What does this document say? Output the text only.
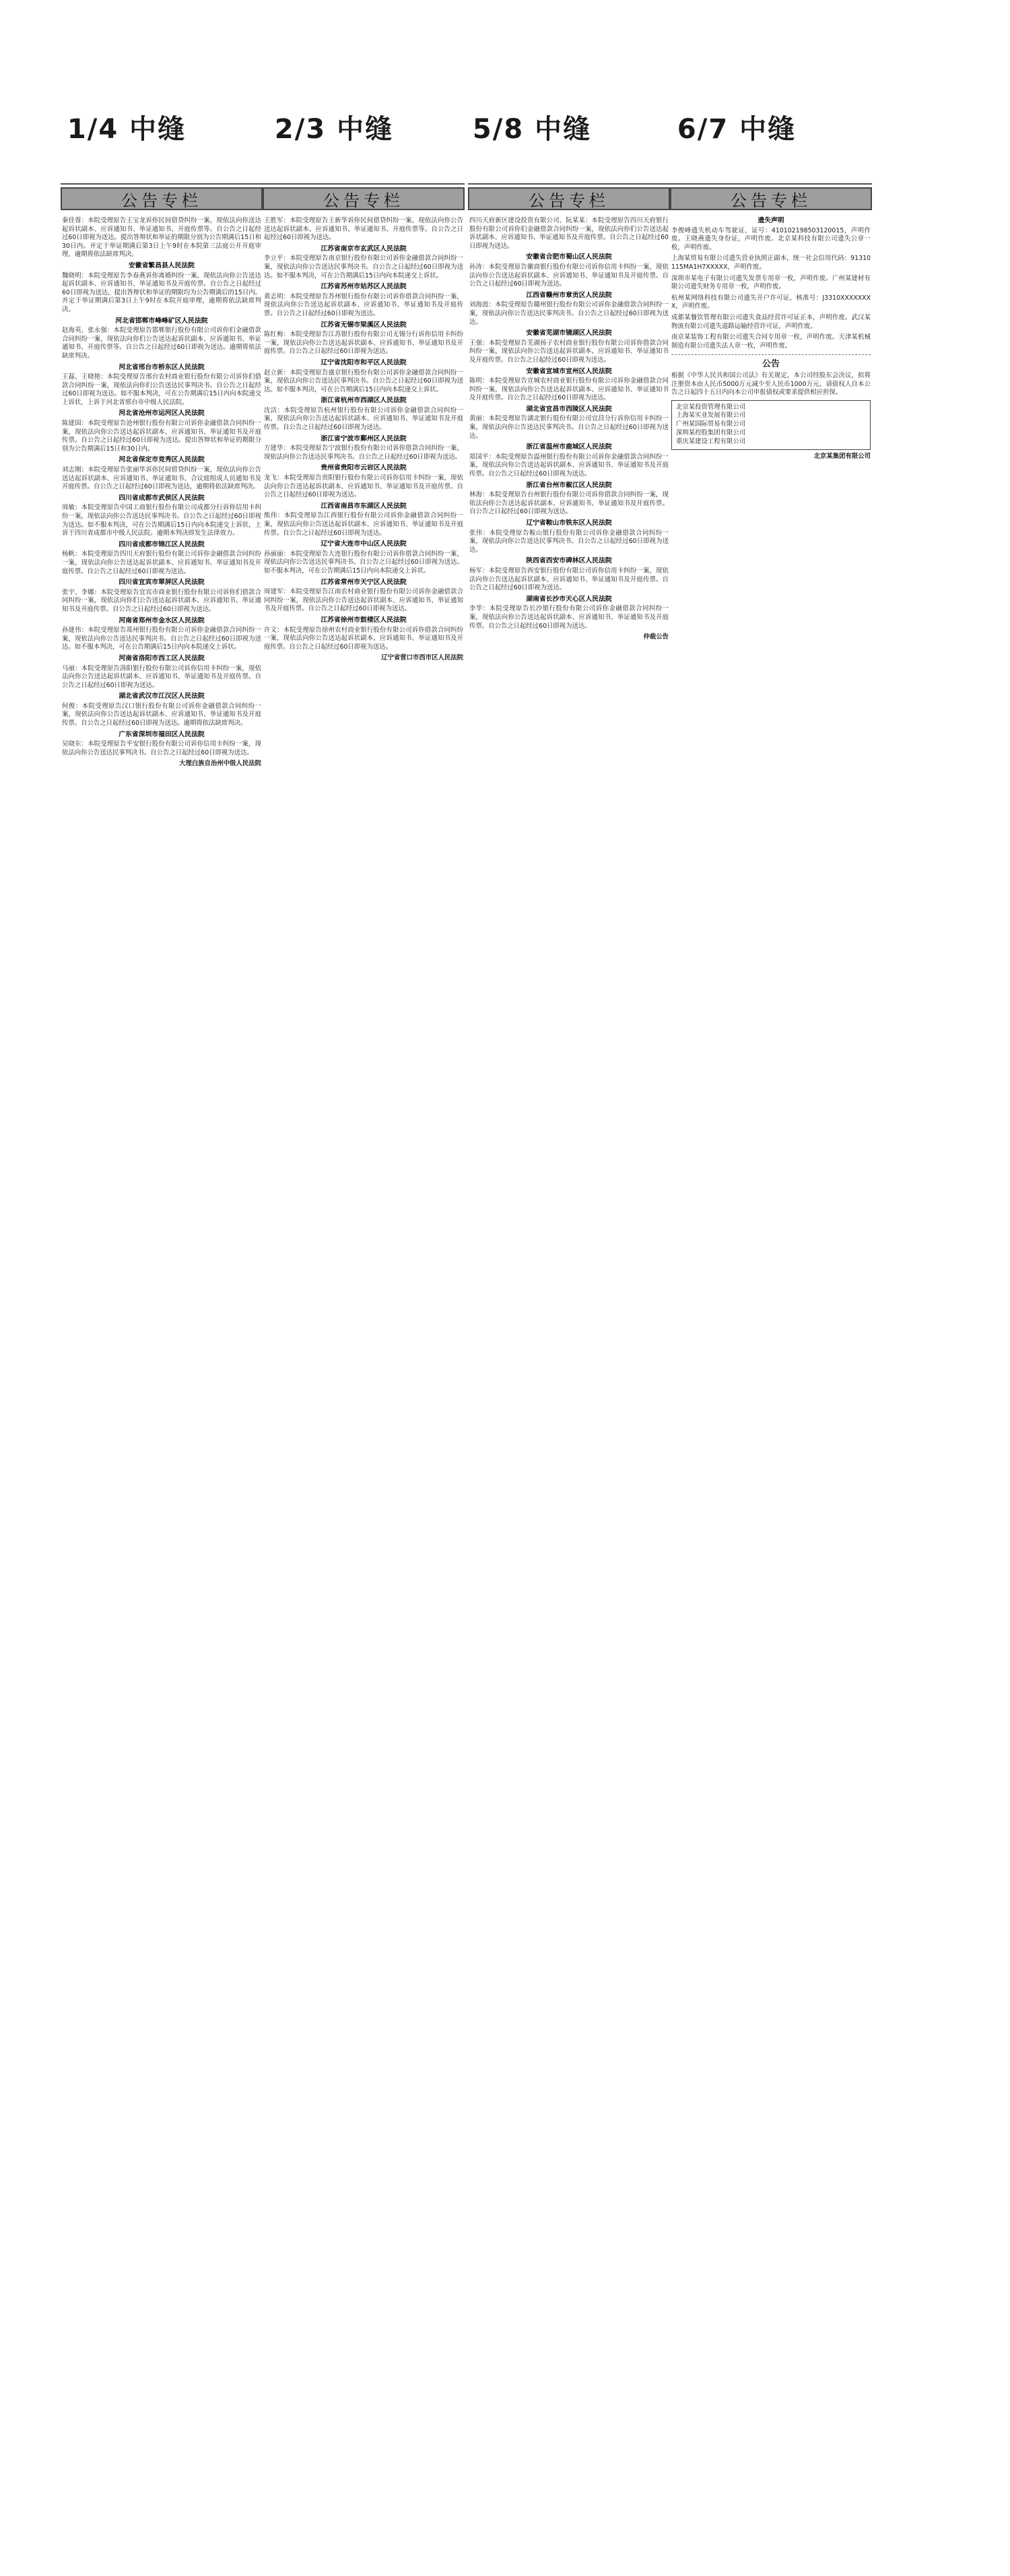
1/4 中缝	2/3 中缝	5/8 中缝	6/7 中缝
公告专栏
秦佳蓉：本院受理原告王宝龙诉你民间借贷纠纷一案，现依法向你送达起诉状副本、应诉通知书、举证通知书、开庭传票等。自公告之日起经过60日即视为送达。提出答辩状和举证的期限分别为公告期满后15日和30日内。并定于举证期满后第3日上午9时在本院第三法庭公开开庭审理，逾期将依法缺席判决。
安徽省繁昌县人民法院
魏晓明：本院受理原告李春燕诉你离婚纠纷一案，现依法向你公告送达起诉状副本、应诉通知书、举证通知书及开庭传票。自公告之日起经过60日即视为送达，提出答辩状和举证的期限均为公告期满后的15日内。并定于举证期满后第3日上午9时在本院开庭审理，逾期将依法缺席判决。
河北省邯郸市峰峰矿区人民法院
赵海英、张永强：本院受理原告邯郸银行股份有限公司诉你们金融借款合同纠纷一案，现依法向你们公告送达起诉状副本、应诉通知书、举证通知书、开庭传票等。自公告之日起经过60日即视为送达。逾期将依法缺席判决。
河北省邢台市桥东区人民法院
王磊、王晓艳：本院受理原告邢台农村商业银行股份有限公司诉你们借款合同纠纷一案，现依法向你们公告送达民事判决书。自公告之日起经过60日即视为送达。如不服本判决，可在公告期满后15日内向本院递交上诉状，上诉于河北省邢台市中级人民法院。
河北省沧州市运河区人民法院
陈建国：本院受理原告沧州银行股份有限公司诉你金融借款合同纠纷一案，现依法向你公告送达起诉状副本、应诉通知书、举证通知书及开庭传票。自公告之日起经过60日即视为送达。提出答辩状和举证的期限分别为公告期满后15日和30日内。
河北省保定市竞秀区人民法院
刘志刚：本院受理原告张丽华诉你民间借贷纠纷一案，现依法向你公告送达起诉状副本、应诉通知书、举证通知书、合议庭组成人员通知书及开庭传票。自公告之日起经过60日即视为送达，逾期将依法缺席判决。
四川省成都市武侯区人民法院
周敏：本院受理原告中国工商银行股份有限公司成都分行诉你信用卡纠纷一案，现依法向你公告送达民事判决书。自公告之日起经过60日即视为送达。如不服本判决，可在公告期满后15日内向本院递交上诉状，上诉于四川省成都市中级人民法院。逾期本判决即发生法律效力。
四川省成都市锦江区人民法院
杨帆：本院受理原告四川天府银行股份有限公司诉你金融借款合同纠纷一案，现依法向你公告送达起诉状副本、应诉通知书、举证通知书及开庭传票。自公告之日起经过60日即视为送达。
四川省宜宾市翠屏区人民法院
张宇、李娜：本院受理原告宜宾市商业银行股份有限公司诉你们借款合同纠纷一案，现依法向你们公告送达起诉状副本、应诉通知书、举证通知书及开庭传票。自公告之日起经过60日即视为送达。
河南省郑州市金水区人民法院
孙建伟：本院受理原告郑州银行股份有限公司诉你金融借款合同纠纷一案，现依法向你公告送达民事判决书。自公告之日起经过60日即视为送达。如不服本判决，可在公告期满后15日内向本院递交上诉状。
河南省洛阳市西工区人民法院
马丽：本院受理原告洛阳银行股份有限公司诉你信用卡纠纷一案，现依法向你公告送达起诉状副本、应诉通知书、举证通知书及开庭传票。自公告之日起经过60日即视为送达。
湖北省武汉市江汉区人民法院
何俊：本院受理原告汉口银行股份有限公司诉你金融借款合同纠纷一案，现依法向你公告送达起诉状副本、应诉通知书、举证通知书及开庭传票。自公告之日起经过60日即视为送达。逾期将依法缺席判决。
广东省深圳市福田区人民法院
吴晓东：本院受理原告平安银行股份有限公司诉你信用卡纠纷一案，现依法向你公告送达民事判决书。自公告之日起经过60日即视为送达。
大理白族自治州中级人民法院
公告专栏
王胜军：本院受理原告王新华诉你民间借贷纠纷一案，现依法向你公告送达起诉状副本、应诉通知书、举证通知书、开庭传票等。自公告之日起经过60日即视为送达。
江苏省南京市玄武区人民法院
李立平：本院受理原告南京银行股份有限公司诉你金融借款合同纠纷一案，现依法向你公告送达民事判决书。自公告之日起经过60日即视为送达。如不服本判决，可在公告期满后15日内向本院递交上诉状。
江苏省苏州市姑苏区人民法院
黄志明：本院受理原告苏州银行股份有限公司诉你借款合同纠纷一案，现依法向你公告送达起诉状副本、应诉通知书、举证通知书及开庭传票。自公告之日起经过60日即视为送达。
江苏省无锡市梁溪区人民法院
陈红梅：本院受理原告江苏银行股份有限公司无锡分行诉你信用卡纠纷一案，现依法向你公告送达起诉状副本、应诉通知书、举证通知书及开庭传票。自公告之日起经过60日即视为送达。
辽宁省沈阳市和平区人民法院
赵立新：本院受理原告盛京银行股份有限公司诉你金融借款合同纠纷一案，现依法向你公告送达民事判决书。自公告之日起经过60日即视为送达。如不服本判决，可在公告期满后15日内向本院递交上诉状。
浙江省杭州市西湖区人民法院
沈洁：本院受理原告杭州银行股份有限公司诉你金融借款合同纠纷一案，现依法向你公告送达起诉状副本、应诉通知书、举证通知书及开庭传票。自公告之日起经过60日即视为送达。
浙江省宁波市鄞州区人民法院
方建华：本院受理原告宁波银行股份有限公司诉你借款合同纠纷一案，现依法向你公告送达民事判决书。自公告之日起经过60日即视为送达。
贵州省贵阳市云岩区人民法院
龙飞：本院受理原告贵阳银行股份有限公司诉你信用卡纠纷一案，现依法向你公告送达起诉状副本、应诉通知书、举证通知书及开庭传票。自公告之日起经过60日即视为送达。
江西省南昌市东湖区人民法院
熊伟：本院受理原告江西银行股份有限公司诉你金融借款合同纠纷一案，现依法向你公告送达起诉状副本、应诉通知书、举证通知书及开庭传票。自公告之日起经过60日即视为送达。
辽宁省大连市中山区人民法院
孙丽丽：本院受理原告大连银行股份有限公司诉你借款合同纠纷一案，现依法向你公告送达民事判决书。自公告之日起经过60日即视为送达。如不服本判决，可在公告期满后15日内向本院递交上诉状。
江苏省常州市天宁区人民法院
周建军：本院受理原告江南农村商业银行股份有限公司诉你金融借款合同纠纷一案，现依法向你公告送达起诉状副本、应诉通知书、举证通知书及开庭传票。自公告之日起经过60日即视为送达。
江苏省徐州市鼓楼区人民法院
许文：本院受理原告徐州农村商业银行股份有限公司诉你借款合同纠纷一案，现依法向你公告送达起诉状副本、应诉通知书、举证通知书及开庭传票。自公告之日起经过60日即视为送达。
辽宁省营口市西市区人民法院
公告专栏
四川天府新区建设投资有限公司、阮某某：本院受理原告四川天府银行股份有限公司诉你们金融借款合同纠纷一案，现依法向你们公告送达起诉状副本、应诉通知书、举证通知书及开庭传票。自公告之日起经过60日即视为送达。
安徽省合肥市蜀山区人民法院
孙涛：本院受理原告徽商银行股份有限公司诉你信用卡纠纷一案，现依法向你公告送达起诉状副本、应诉通知书、举证通知书及开庭传票。自公告之日起经过60日即视为送达。
江西省赣州市章贡区人民法院
刘海波：本院受理原告赣州银行股份有限公司诉你金融借款合同纠纷一案，现依法向你公告送达民事判决书。自公告之日起经过60日即视为送达。
安徽省芜湖市镜湖区人民法院
王强：本院受理原告芜湖扬子农村商业银行股份有限公司诉你借款合同纠纷一案，现依法向你公告送达起诉状副本、应诉通知书、举证通知书及开庭传票。自公告之日起经过60日即视为送达。
安徽省宣城市宣州区人民法院
陈明：本院受理原告宣城农村商业银行股份有限公司诉你金融借款合同纠纷一案，现依法向你公告送达起诉状副本、应诉通知书、举证通知书及开庭传票。自公告之日起经过60日即视为送达。
湖北省宜昌市西陵区人民法院
黄丽：本院受理原告湖北银行股份有限公司宜昌分行诉你信用卡纠纷一案，现依法向你公告送达民事判决书。自公告之日起经过60日即视为送达。
浙江省温州市鹿城区人民法院
郑国平：本院受理原告温州银行股份有限公司诉你金融借款合同纠纷一案，现依法向你公告送达起诉状副本、应诉通知书、举证通知书及开庭传票。自公告之日起经过60日即视为送达。
浙江省台州市椒江区人民法院
林海：本院受理原告台州银行股份有限公司诉你借款合同纠纷一案，现依法向你公告送达起诉状副本、应诉通知书、举证通知书及开庭传票。自公告之日起经过60日即视为送达。
辽宁省鞍山市铁东区人民法院
张伟：本院受理原告鞍山银行股份有限公司诉你金融借款合同纠纷一案，现依法向你公告送达民事判决书。自公告之日起经过60日即视为送达。
陕西省西安市碑林区人民法院
杨军：本院受理原告西安银行股份有限公司诉你信用卡纠纷一案，现依法向你公告送达起诉状副本、应诉通知书、举证通知书及开庭传票。自公告之日起经过60日即视为送达。
湖南省长沙市天心区人民法院
李华：本院受理原告长沙银行股份有限公司诉你金融借款合同纠纷一案，现依法向你公告送达起诉状副本、应诉通知书、举证通知书及开庭传票。自公告之日起经过60日即视为送达。
仲裁公告
公告专栏
遗失声明
李俊峰遗失机动车驾驶证，证号：410102198503120015，声明作废。王晓燕遗失身份证，声明作废。北京某科技有限公司遗失公章一枚，声明作废。
上海某贸易有限公司遗失营业执照正副本，统一社会信用代码：91310115MA1H7XXXXX，声明作废。
深圳市某电子有限公司遗失发票专用章一枚，声明作废。广州某建材有限公司遗失财务专用章一枚，声明作废。
杭州某网络科技有限公司遗失开户许可证，核准号：J3310XXXXXXXX，声明作废。
成都某餐饮管理有限公司遗失食品经营许可证正本，声明作废。武汉某物流有限公司遗失道路运输经营许可证，声明作废。
南京某装饰工程有限公司遗失合同专用章一枚，声明作废。天津某机械制造有限公司遗失法人章一枚，声明作废。
公告
根据《中华人民共和国公司法》有关规定，本公司经股东会决议，拟将注册资本由人民币5000万元减少至人民币1000万元。请债权人自本公告之日起四十五日内向本公司申报债权或要求提供相应担保。
北京某投资管理有限公司
上海某实业发展有限公司
广州某国际贸易有限公司
深圳某控股集团有限公司
重庆某建设工程有限公司
北京某集团有限公司
